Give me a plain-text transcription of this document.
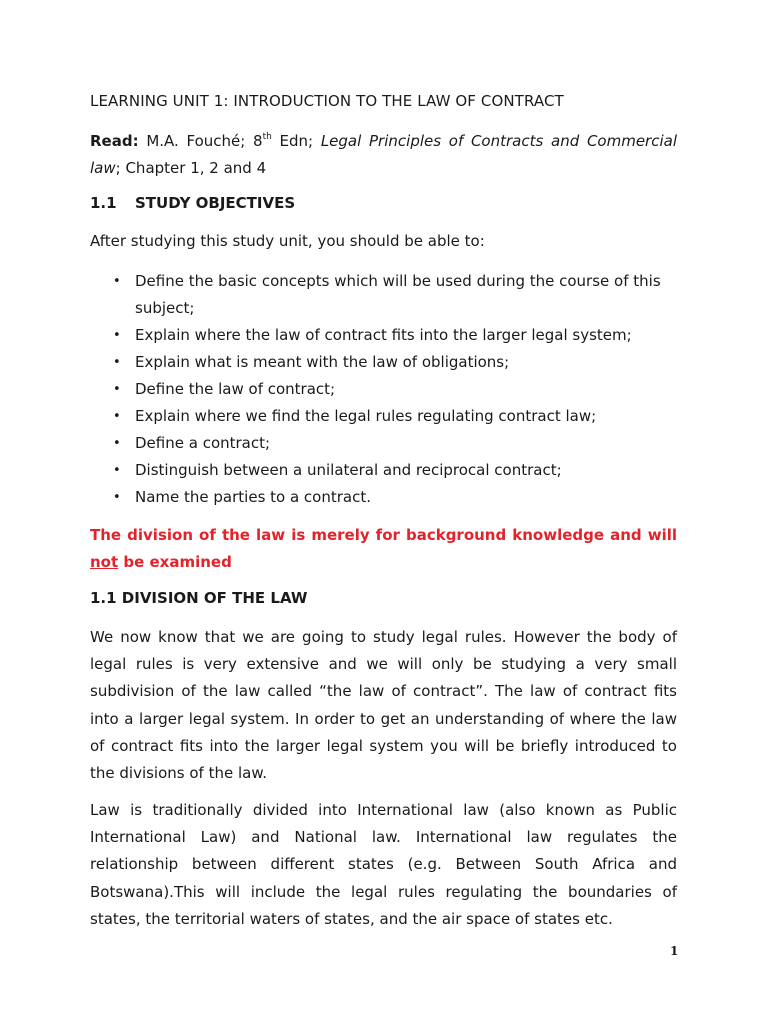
LEARNING UNIT 1: INTRODUCTION TO THE LAW OF CONTRACT
Read: M.A. Fouché; 8th Edn; Legal Principles of Contracts and Commercial law; Chapter 1, 2 and 4
1.1 STUDY OBJECTIVES
After studying this study unit, you should be able to:
• Define the basic concepts which will be used during the course of this subject;
• Explain where the law of contract fits into the larger legal system;
• Explain what is meant with the law of obligations;
• Define the law of contract;
• Explain where we find the legal rules regulating contract law;
• Define a contract;
• Distinguish between a unilateral and reciprocal contract;
• Name the parties to a contract.
The division of the law is merely for background knowledge and will not be examined
1.1 DIVISION OF THE LAW
We now know that we are going to study legal rules. However the body of legal rules is very extensive and we will only be studying a very small subdivision of the law called “the law of contract”. The law of contract fits into a larger legal system. In order to get an understanding of where the law of contract fits into the larger legal system you will be briefly introduced to the divisions of the law.
Law is traditionally divided into International law (also known as Public International Law) and National law. International law regulates the relationship between different states (e.g. Between South Africa and Botswana).This will include the legal rules regulating the boundaries of states, the territorial waters of states, and the air space of states etc.
1
